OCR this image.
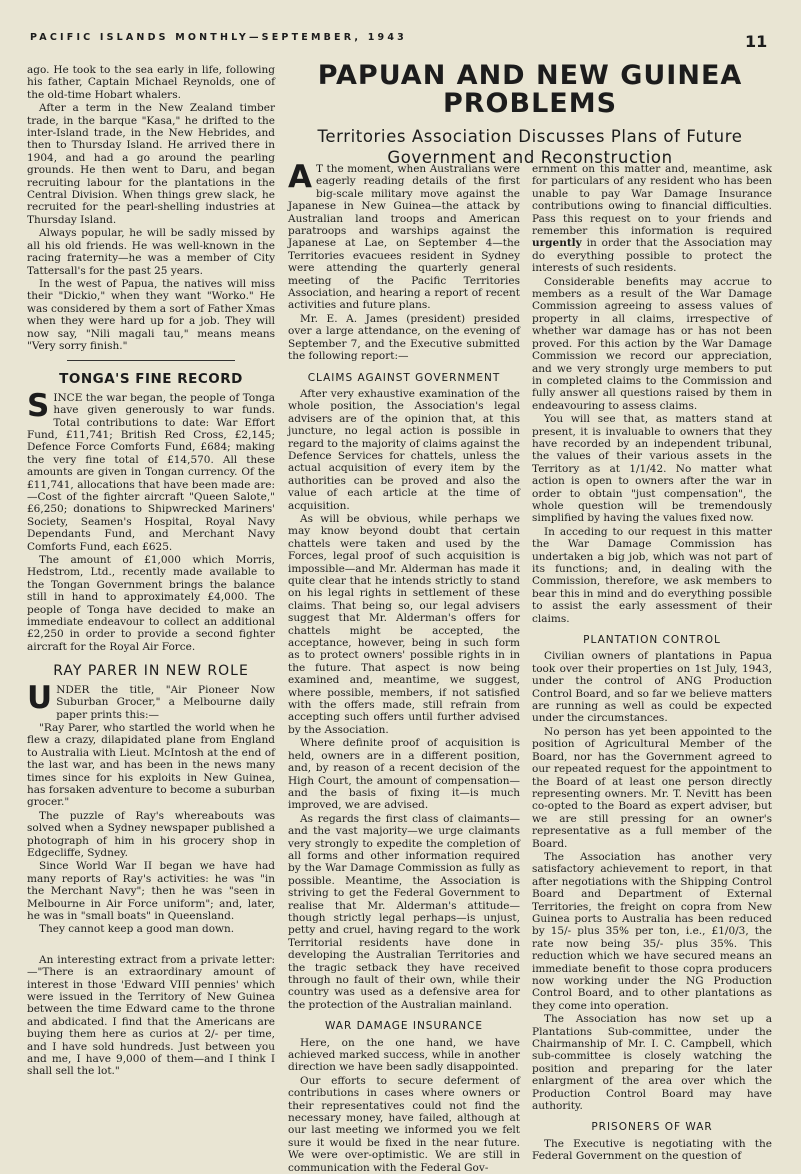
PACIFIC ISLANDS MONTHLY—SEPTEMBER, 1943	11

ago. He took to the sea early in life, following his father, Captain Michael Reynolds, one of the old-time Hobart whalers.

After a term in the New Zealand timber trade, in the barque "Kasa," he drifted to the inter-Island trade, in the New Hebrides, and then to Thursday Island. He arrived there in 1904, and had a go around the pearling grounds. He then went to Daru, and began recruiting labour for the plantations in the Central Division. When things grew slack, he recruited for the pearl-shelling industries at Thursday Island.

Always popular, he will be sadly missed by all his old friends. He was well-known in the racing fraternity—he was a member of City Tattersall's for the past 25 years.

In the west of Papua, the natives will miss their "Dickio," when they want "Worko." He was considered by them a sort of Father Xmas when they were hard up for a job. They will now say, "Nili magali tau," means means "Very sorry finish."

TONGA'S FINE RECORD

SINCE the war began, the people of Tonga have given generously to war funds. Total contributions to date: War Effort Fund, £11,741; British Red Cross, £2,145; Defence Force Comforts Fund, £684; making the very fine total of £14,570. All these amounts are given in Tongan currency. Of the £11,741, allocations that have been made are:—Cost of the fighter aircraft "Queen Salote," £6,250; donations to Shipwrecked Mariners' Society, Seamen's Hospital, Royal Navy Dependants Fund, and Merchant Navy Comforts Fund, each £625.

The amount of £1,000 which Morris, Hedstrom, Ltd., recently made available to the Tongan Government brings the balance still in hand to approximately £4,000. The people of Tonga have decided to make an immediate endeavour to collect an additional £2,250 in order to provide a second fighter aircraft for the Royal Air Force.

RAY PARER IN NEW ROLE

UNDER the title, "Air Pioneer Now Suburban Grocer," a Melbourne daily paper prints this:—

"Ray Parer, who startled the world when he flew a crazy, dilapidated plane from England to Australia with Lieut. McIntosh at the end of the last war, and has been in the news many times since for his exploits in New Guinea, has forsaken adventure to become a suburban grocer."

The puzzle of Ray's whereabouts was solved when a Sydney newspaper published a photograph of him in his grocery shop in Edgecliffe, Sydney.

Since World War II began we have had many reports of Ray's activities: he was "in the Merchant Navy"; then he was "seen in Melbourne in Air Force uniform"; and, later, he was in "small boats" in Queensland.

They cannot keep a good man down.

An interesting extract from a private letter:—"There is an extraordinary amount of interest in those 'Edward VIII pennies' which were issued in the Territory of New Guinea between the time Edward came to the throne and abdicated. I find that the Americans are buying them here as curios at 2/- per time, and I have sold hundreds. Just between you and me, I have 9,000 of them—and I think I shall sell the lot."

PAPUAN AND NEW GUINEA PROBLEMS
Territories Association Discusses Plans of Future Government and Reconstruction

A T the moment, when Australians were eagerly reading details of the first big-scale military move against the Japanese in New Guinea—the attack by Australian land troops and American paratroops and warships against the Japanese at Lae, on September 4—the Territories evacuees resident in Sydney were attending the quarterly general meeting of the Pacific Territories Association, and hearing a report of recent activities and future plans.

Mr. E. A. James (president) presided over a large attendance, on the evening of September 7, and the Executive submitted the following report:—

CLAIMS AGAINST GOVERNMENT

After very exhaustive examination of the whole position, the Association's legal advisers are of the opinion that, at this juncture, no legal action is possible in regard to the majority of claims against the Defence Services for chattels, unless the actual acquisition of every item by the authorities can be proved and also the value of each article at the time of acquisition.

As will be obvious, while perhaps we may know beyond doubt that certain chattels were taken and used by the Forces, legal proof of such acquisition is impossible—and Mr. Alderman has made it quite clear that he intends strictly to stand on his legal rights in settlement of these claims. That being so, our legal advisers suggest that Mr. Alderman's offers for chattels might be accepted, the acceptance, however, being in such form as to protect owners' possible rights in in the future. That aspect is now being examined and, meantime, we suggest, where possible, members, if not satisfied with the offers made, still refrain from accepting such offers until further advised by the Association.

Where definite proof of acquisition is held, owners are in a different position, and, by reason of a recent decision of the High Court, the amount of compensation—and the basis of fixing it—is much improved, we are advised.

As regards the first class of claimants—and the vast majority—we urge claimants very strongly to expedite the completion of all forms and other information required by the War Damage Commission as fully as possible. Meantime, the Association is striving to get the Federal Government to realise that Mr. Alderman's attitude—though strictly legal perhaps—is unjust, petty and cruel, having regard to the work Territorial residents have done in developing the Australian Territories and the tragic setback they have received through no fault of their own, while their country was used as a defensive area for the protection of the Australian mainland.

WAR DAMAGE INSURANCE

Here, on the one hand, we have achieved marked success, while in another direction we have been sadly disappointed.

Our efforts to secure deferment of contributions in cases where owners or their representatives could not find the necessary money, have failed, although at our last meeting we informed you we felt sure it would be fixed in the near future. We were over-optimistic. We are still in communication with the Federal Gov-

ernment on this matter and, meantime, ask for particulars of any resident who has been unable to pay War Damage Insurance contributions owing to financial difficulties. Pass this request on to your friends and remember this information is required urgently in order that the Association may do everything possible to protect the interests of such residents.

Considerable benefits may accrue to members as a result of the War Damage Commission agreeing to assess values of property in all claims, irrespective of whether war damage has or has not been proved. For this action by the War Damage Commission we record our appreciation, and we very strongly urge members to put in completed claims to the Commission and fully answer all questions raised by them in endeavouring to assess claims.

You will see that, as matters stand at present, it is invaluable to owners that they have recorded by an independent tribunal, the values of their various assets in the Territory as at 1/1/42. No matter what action is open to owners after the war in order to obtain "just compensation", the whole question will be tremendously simplified by having the values fixed now.

In acceding to our request in this matter the War Damage Commission has undertaken a big job, which was not part of its functions; and, in dealing with the Commission, therefore, we ask members to bear this in mind and do everything possible to assist the early assessment of their claims.

PLANTATION CONTROL

Civilian owners of plantations in Papua took over their properties on 1st July, 1943, under the control of ANG Production Control Board, and so far we believe matters are running as well as could be expected under the circumstances.

No person has yet been appointed to the position of Agricultural Member of the Board, nor has the Government agreed to our repeated request for the appointment to the Board of at least one person directly representing owners. Mr. T. Nevitt has been co-opted to the Board as expert adviser, but we are still pressing for an owner's representative as a full member of the Board.

The Association has another very satisfactory achievement to report, in that after negotiations with the Shipping Control Board and Department of External Territories, the freight on copra from New Guinea ports to Australia has been reduced by 15/- plus 35% per ton, i.e., £1/0/3, the rate now being 35/- plus 35%. This reduction which we have secured means an immediate benefit to those copra producers now working under the NG Production Control Board, and to other plantations as they come into operation.

The Association has now set up a Plantations Sub-committee, under the Chairmanship of Mr. I. C. Campbell, which sub-committee is closely watching the position and preparing for the later enlargment of the area over which the Production Control Board may have authority.

PRISONERS OF WAR

The Executive is negotiating with the Federal Government on the question of
